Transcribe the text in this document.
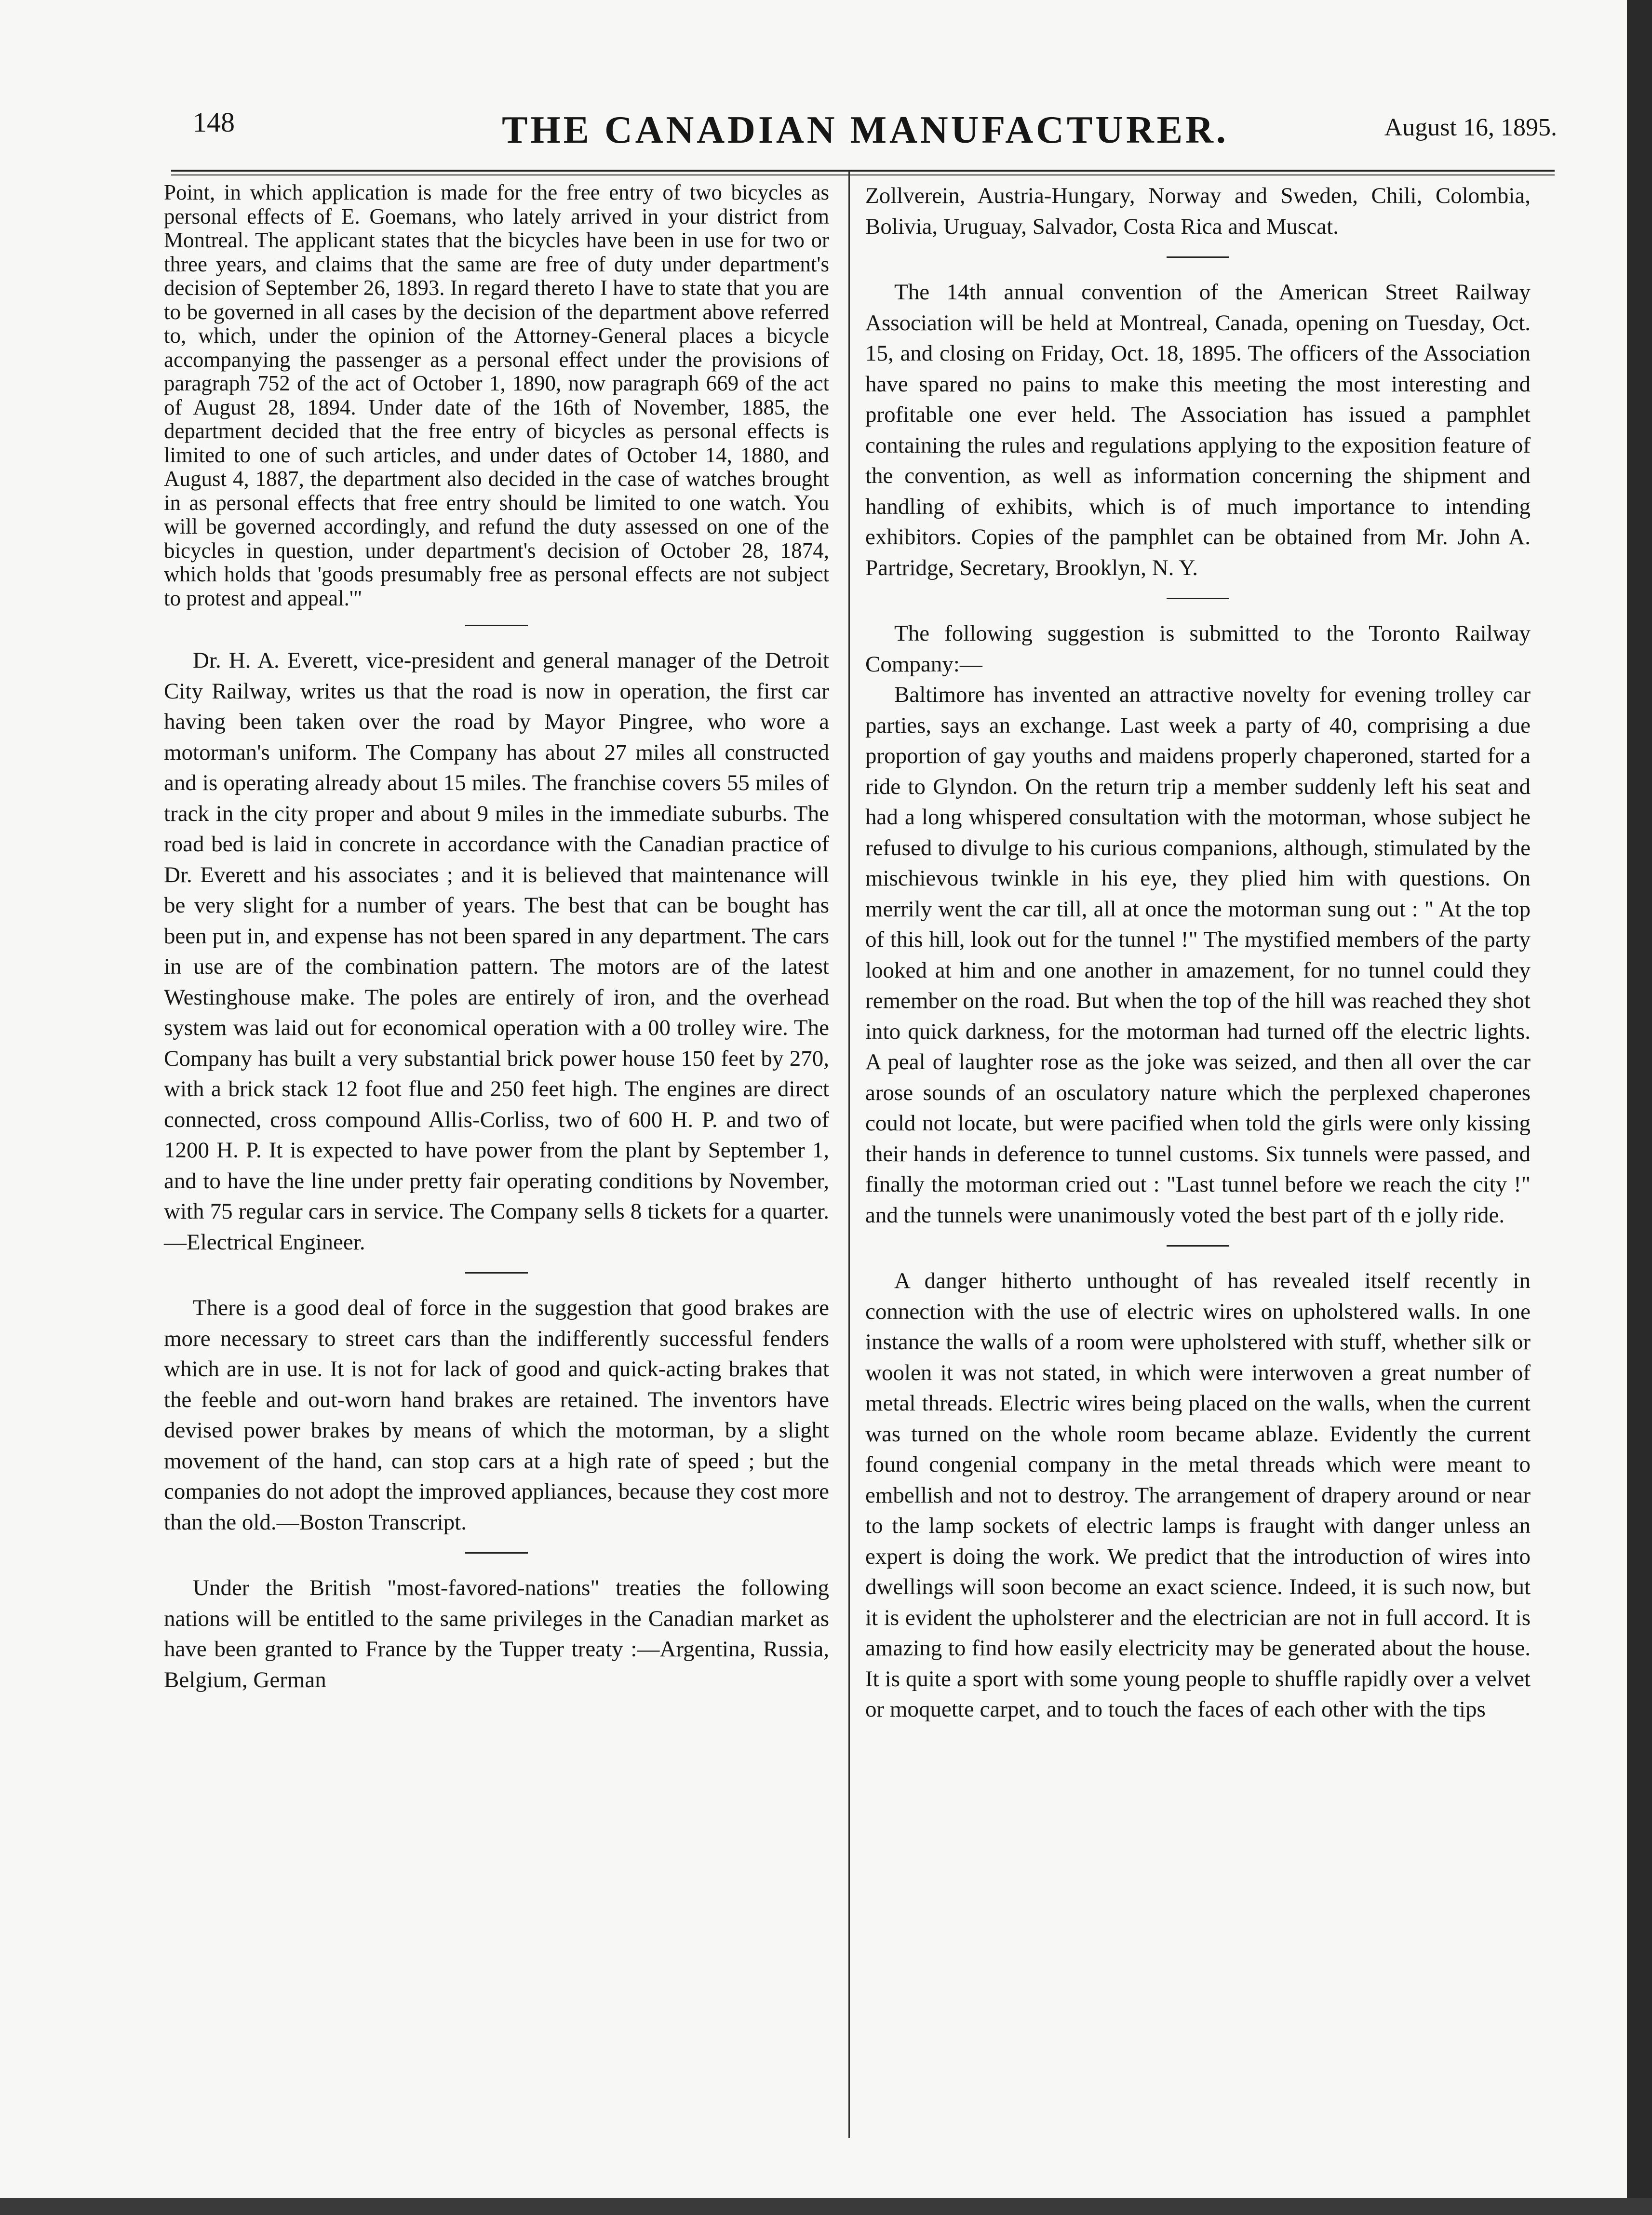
148	THE CANADIAN MANUFACTURER.	August 16, 1895.

Point, in which application is made for the free entry of two bicycles as personal effects of E. Goemans, who lately arrived in your district from Montreal. The applicant states that the bicycles have been in use for two or three years, and claims that the same are free of duty under department's decision of September 26, 1893. In regard thereto I have to state that you are to be governed in all cases by the decision of the department above referred to, which, under the opinion of the Attorney-General places a bicycle accompanying the passenger as a personal effect under the provisions of paragraph 752 of the act of October 1, 1890, now paragraph 669 of the act of August 28, 1894. Under date of the 16th of November, 1885, the department decided that the free entry of bicycles as personal effects is limited to one of such articles, and under dates of October 14, 1880, and August 4, 1887, the department also decided in the case of watches brought in as personal effects that free entry should be limited to one watch. You will be governed accordingly, and refund the duty assessed on one of the bicycles in question, under department's decision of October 28, 1874, which holds that 'goods presumably free as personal effects are not subject to protest and appeal.'"

Dr. H. A. Everett, vice-president and general manager of the Detroit City Railway, writes us that the road is now in operation, the first car having been taken over the road by Mayor Pingree, who wore a motorman's uniform. The Company has about 27 miles all constructed and is operating already about 15 miles. The franchise covers 55 miles of track in the city proper and about 9 miles in the immediate suburbs. The road bed is laid in concrete in accordance with the Canadian practice of Dr. Everett and his associates ; and it is believed that maintenance will be very slight for a number of years. The best that can be bought has been put in, and expense has not been spared in any department. The cars in use are of the combination pattern. The motors are of the latest Westinghouse make. The poles are entirely of iron, and the overhead system was laid out for economical operation with a 00 trolley wire. The Company has built a very substantial brick power house 150 feet by 270, with a brick stack 12 foot flue and 250 feet high. The engines are direct connected, cross compound Allis-Corliss, two of 600 H. P. and two of 1200 H. P. It is expected to have power from the plant by September 1, and to have the line under pretty fair operating conditions by November, with 75 regular cars in service. The Company sells 8 tickets for a quarter.—Electrical Engineer.

There is a good deal of force in the suggestion that good brakes are more necessary to street cars than the indifferently successful fenders which are in use. It is not for lack of good and quick-acting brakes that the feeble and out-worn hand brakes are retained. The inventors have devised power brakes by means of which the motorman, by a slight movement of the hand, can stop cars at a high rate of speed ; but the companies do not adopt the improved appliances, because they cost more than the old.—Boston Transcript.

Under the British "most-favored-nations" treaties the following nations will be entitled to the same privileges in the Canadian market as have been granted to France by the Tupper treaty :—Argentina, Russia, Belgium, German

Zollverein, Austria-Hungary, Norway and Sweden, Chili, Colombia, Bolivia, Uruguay, Salvador, Costa Rica and Muscat.

The 14th annual convention of the American Street Railway Association will be held at Montreal, Canada, opening on Tuesday, Oct. 15, and closing on Friday, Oct. 18, 1895. The officers of the Association have spared no pains to make this meeting the most interesting and profitable one ever held. The Association has issued a pamphlet containing the rules and regulations applying to the exposition feature of the convention, as well as information concerning the shipment and handling of exhibits, which is of much importance to intending exhibitors. Copies of the pamphlet can be obtained from Mr. John A. Partridge, Secretary, Brooklyn, N. Y.

The following suggestion is submitted to the Toronto Railway Company:—

Baltimore has invented an attractive novelty for evening trolley car parties, says an exchange. Last week a party of 40, comprising a due proportion of gay youths and maidens properly chaperoned, started for a ride to Glyndon. On the return trip a member suddenly left his seat and had a long whispered consultation with the motorman, whose subject he refused to divulge to his curious companions, although, stimulated by the mischievous twinkle in his eye, they plied him with questions. On merrily went the car till, all at once the motorman sung out : " At the top of this hill, look out for the tunnel !" The mystified members of the party looked at him and one another in amazement, for no tunnel could they remember on the road. But when the top of the hill was reached they shot into quick darkness, for the motorman had turned off the electric lights. A peal of laughter rose as the joke was seized, and then all over the car arose sounds of an osculatory nature which the perplexed chaperones could not locate, but were pacified when told the girls were only kissing their hands in deference to tunnel customs. Six tunnels were passed, and finally the motorman cried out : "Last tunnel before we reach the city !" and the tunnels were unanimously voted the best part of th e jolly ride.

A danger hitherto unthought of has revealed itself recently in connection with the use of electric wires on upholstered walls. In one instance the walls of a room were upholstered with stuff, whether silk or woolen it was not stated, in which were interwoven a great number of metal threads. Electric wires being placed on the walls, when the current was turned on the whole room became ablaze. Evidently the current found congenial company in the metal threads which were meant to embellish and not to destroy. The arrangement of drapery around or near to the lamp sockets of electric lamps is fraught with danger unless an expert is doing the work. We predict that the introduction of wires into dwellings will soon become an exact science. Indeed, it is such now, but it is evident the upholsterer and the electrician are not in full accord. It is amazing to find how easily electricity may be generated about the house. It is quite a sport with some young people to shuffle rapidly over a velvet or moquette carpet, and to touch the faces of each other with the tips
